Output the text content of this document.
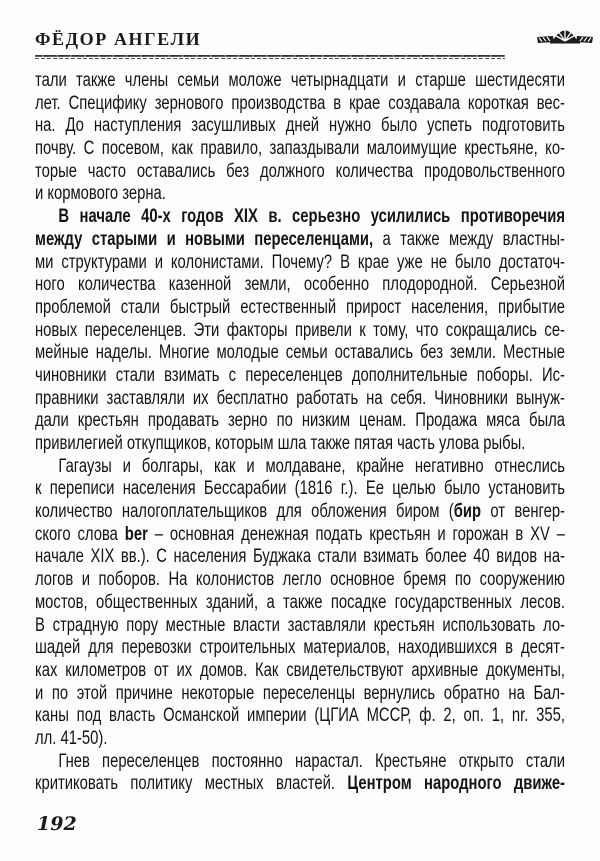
ФЁДОР АНГЕЛИ
тали также члены семьи моложе четырнадцати и старше шестидесяти
лет. Специфику зернового производства в крае создавала короткая вес-
на. До наступления засушливых дней нужно было успеть подготовить
почву. С посевом, как правило, запаздывали малоимущие крестьяне, ко-
торые часто оставались без должного количества продовольственного
и кормового зерна.
В начале 40-х годов XIX в. серьезно усилились противоречия
между старыми и новыми переселенцами, а также между властны-
ми структурами и колонистами. Почему? В крае уже не было достаточ-
ного количества казенной земли, особенно плодородной. Серьезной
проблемой стали быстрый естественный прирост населения, прибытие
новых переселенцев. Эти факторы привели к тому, что сокращались се-
мейные наделы. Многие молодые семьи оставались без земли. Местные
чиновники стали взимать с переселенцев дополнительные поборы. Ис-
правники заставляли их бесплатно работать на себя. Чиновники вынуж-
дали крестьян продавать зерно по низким ценам. Продажа мяса была
привилегией откупщиков, которым шла также пятая часть улова рыбы.
Гагаузы и болгары, как и молдаване, крайне негативно отнеслись
к переписи населения Бессарабии (1816 г.). Ее целью было установить
количество налогоплательщиков для обложения биром (бир от венгер-
ского слова ber – основная денежная подать крестьян и горожан в XV –
начале XIX вв.). С населения Буджака стали взимать более 40 видов на-
логов и поборов. На колонистов легло основное бремя по сооружению
мостов, общественных зданий, а также посадке государственных лесов.
В страдную пору местные власти заставляли крестьян использовать ло-
шадей для перевозки строительных материалов, находившихся в десят-
ках километров от их домов. Как свидетельствуют архивные документы,
и по этой причине некоторые переселенцы вернулись обратно на Бал-
каны под власть Османской империи (ЦГИА МССР, ф. 2, оп. 1, nr. 355,
лл. 41-50).
Гнев переселенцев постоянно нарастал. Крестьяне открыто стали
критиковать политику местных властей. Центром народного движе-
192
